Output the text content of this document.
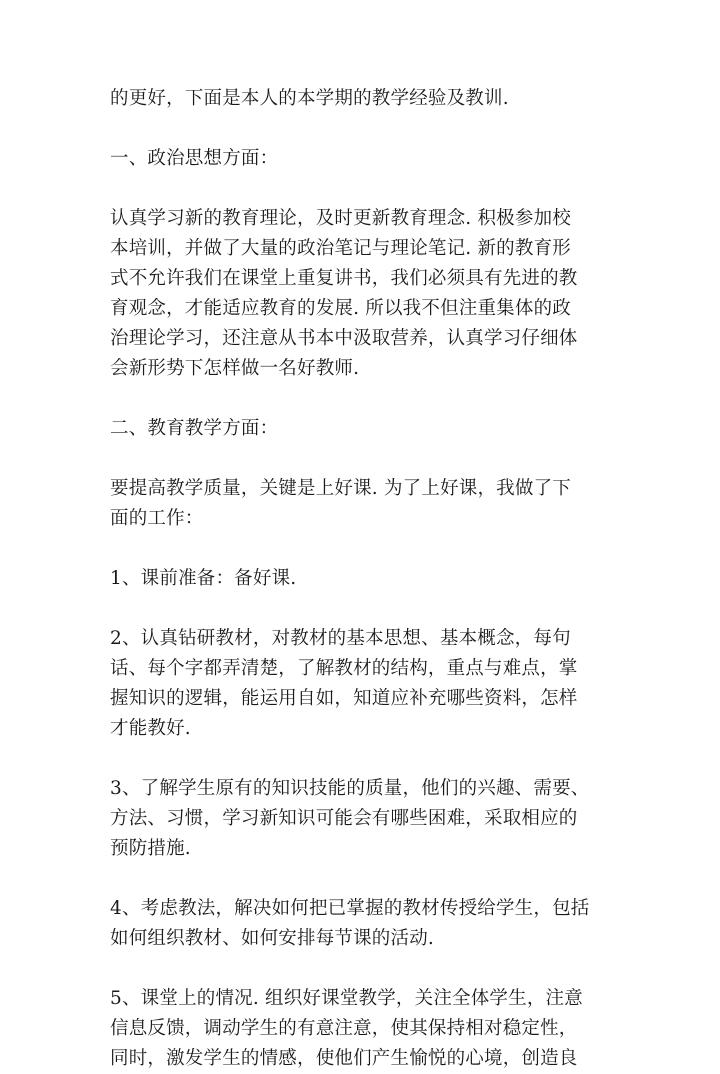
的更好，下面是本人的本学期的教学经验及教训.
一、政治思想方面：
认真学习新的教育理论，及时更新教育理念. 积极参加校
本培训，并做了大量的政治笔记与理论笔记. 新的教育形
式不允许我们在课堂上重复讲书，我们必须具有先进的教
育观念，才能适应教育的发展. 所以我不但注重集体的政
治理论学习，还注意从书本中汲取营养，认真学习仔细体
会新形势下怎样做一名好教师.
二、教育教学方面：
要提高教学质量，关键是上好课. 为了上好课，我做了下
面的工作：
1、课前准备：备好课.
2、认真钻研教材，对教材的基本思想、基本概念，每句
话、每个字都弄清楚，了解教材的结构，重点与难点，掌
握知识的逻辑，能运用自如，知道应补充哪些资料，怎样
才能教好.
3、了解学生原有的知识技能的质量，他们的兴趣、需要、
方法、习惯，学习新知识可能会有哪些困难，采取相应的
预防措施.
4、考虑教法，解决如何把已掌握的教材传授给学生，包括
如何组织教材、如何安排每节课的活动.
5、课堂上的情况. 组织好课堂教学，关注全体学生，注意
信息反馈，调动学生的有意注意，使其保持相对稳定性，
同时，激发学生的情感，使他们产生愉悦的心境，创造良
